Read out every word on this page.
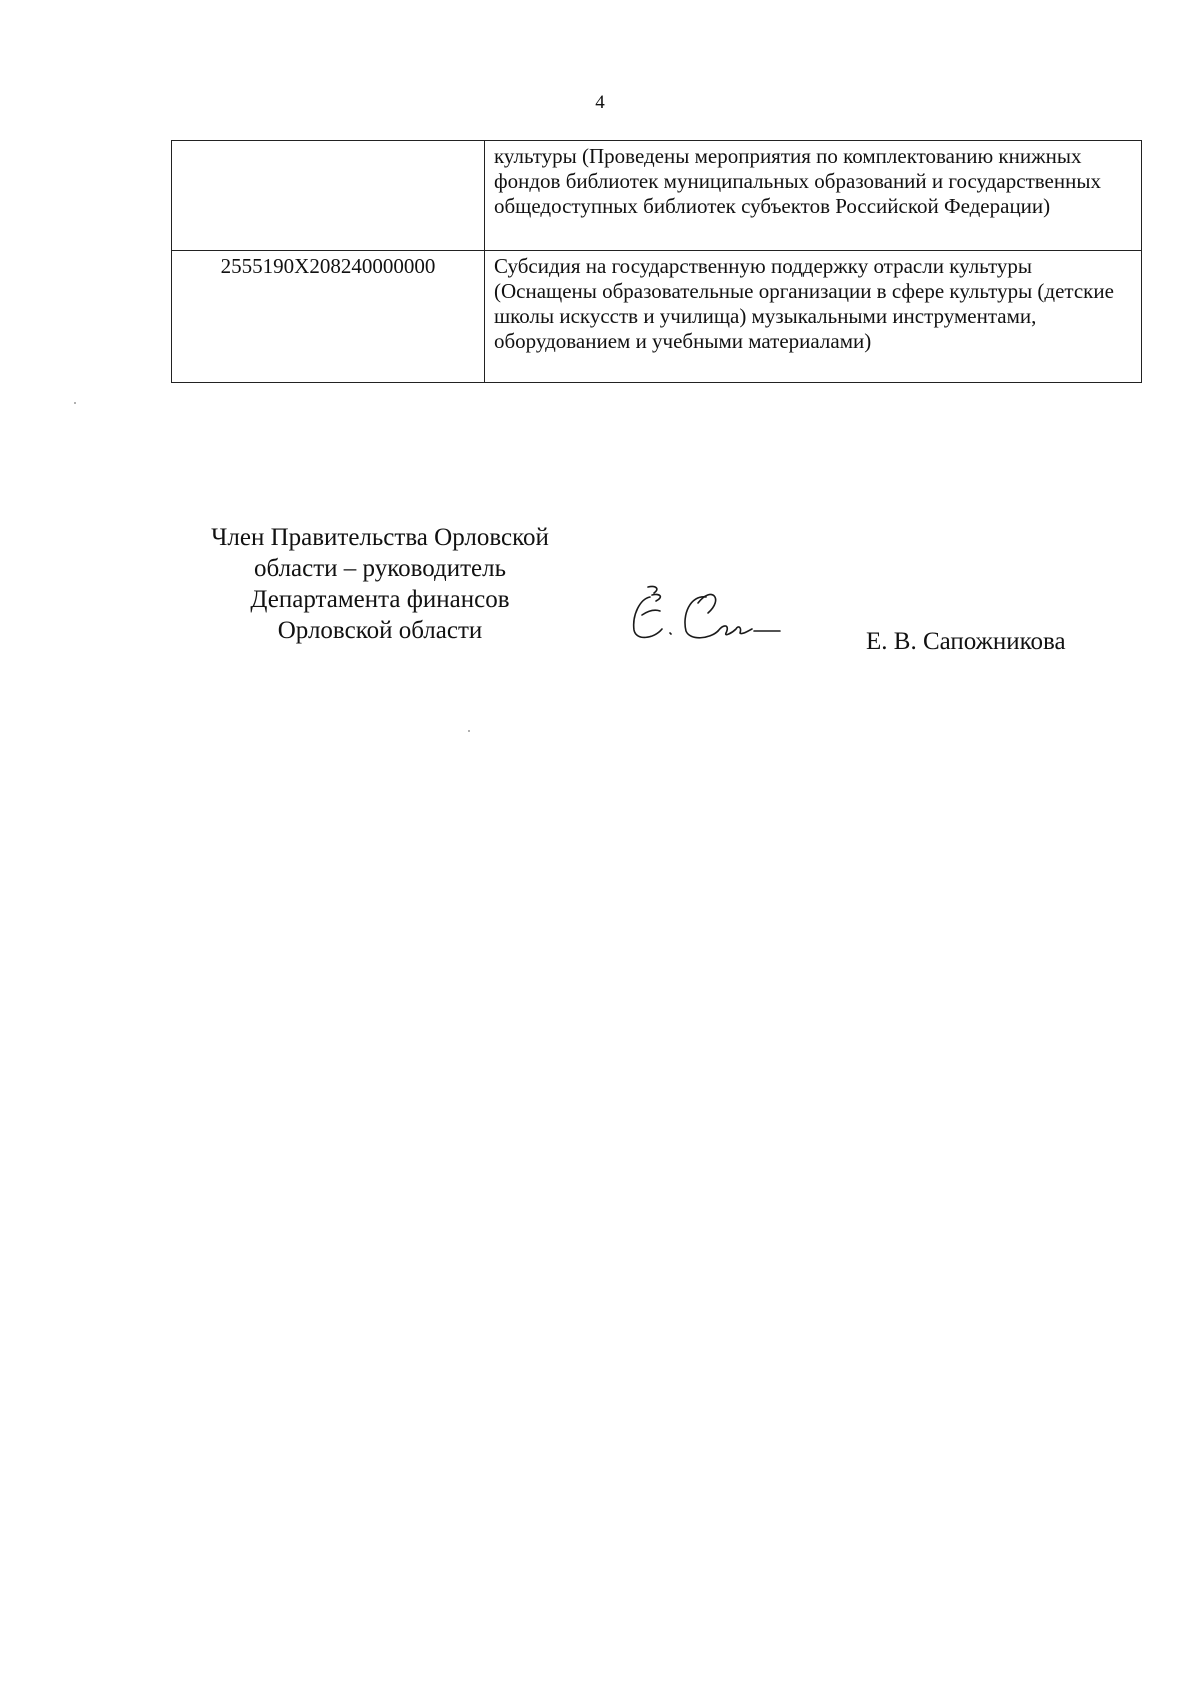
4
	культуры (Проведены мероприятия по комплектованию книжных фондов библиотек муниципальных образований и государственных общедоступных библиотек субъектов Российской Федерации)
2555190X208240000000	Субсидия на государственную поддержку отрасли культуры (Оснащены образовательные организации в сфере культуры (детские школы искусств и училища) музыкальными инструментами, оборудованием и учебными материалами)
Член Правительства Орловской
области – руководитель
Департамента финансов
Орловской области	Е. В. Сапожникова
